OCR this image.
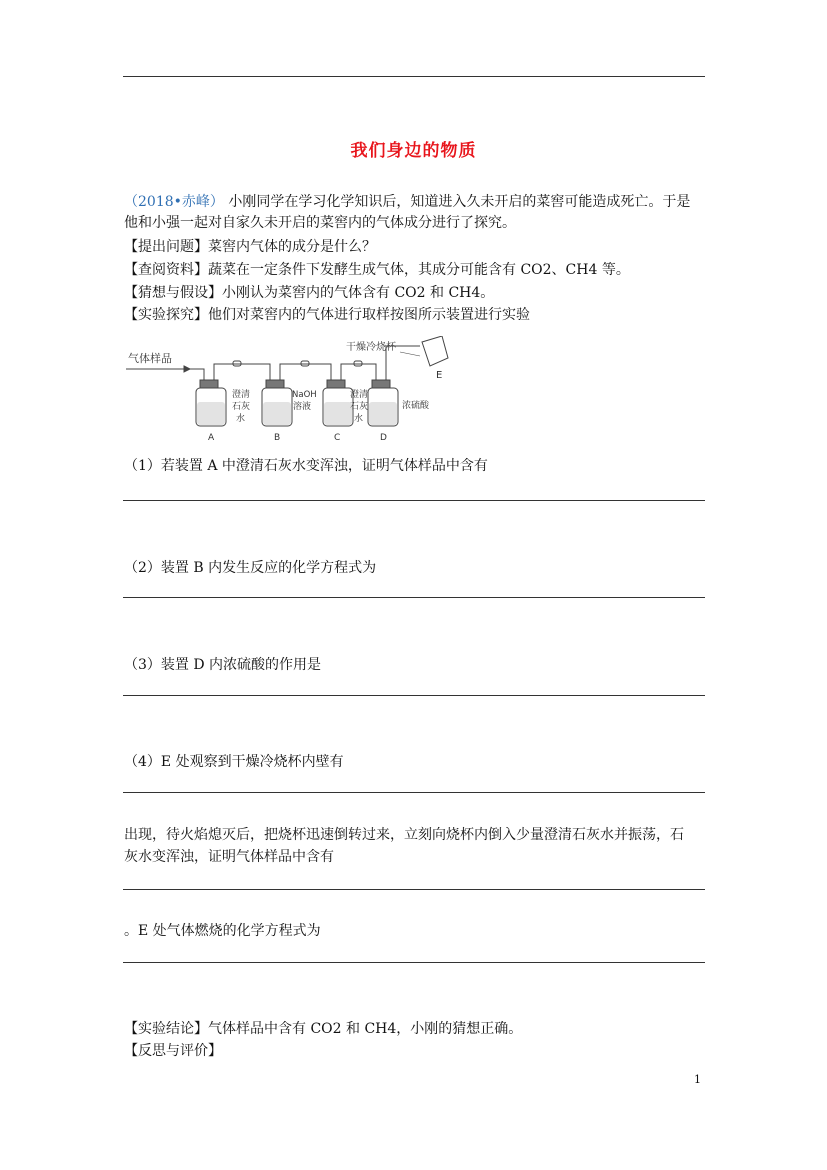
我们身边的物质
（2018•赤峰） 小刚同学在学习化学知识后，知道进入久未开启的菜窖可能造成死亡。于是
他和小强一起对自家久未开启的菜窖内的气体成分进行了探究。
【提出问题】菜窖内气体的成分是什么？
【查阅资料】蔬菜在一定条件下发酵生成气体，其成分可能含有 CO2、CH4 等。
【猜想与假设】小刚认为菜窖内的气体含有 CO2 和 CH4。
【实验探究】他们对菜窖内的气体进行取样按图所示装置进行实验
气体样品
干燥冷烧杯
E
澄清
石灰
水
NaOH
溶液
澄清
石灰
水
浓硫酸
A	B	C	D
（1）若装置 A 中澄清石灰水变浑浊，证明气体样品中含有
（2）装置 B 内发生反应的化学方程式为
（3）装置 D 内浓硫酸的作用是
（4）E 处观察到干燥冷烧杯内壁有
出现，待火焰熄灭后，把烧杯迅速倒转过来，立刻向烧杯内倒入少量澄清石灰水并振荡，石
灰水变浑浊，证明气体样品中含有
。E 处气体燃烧的化学方程式为
【实验结论】气体样品中含有 CO2 和 CH4，小刚的猜想正确。
【反思与评价】
1
